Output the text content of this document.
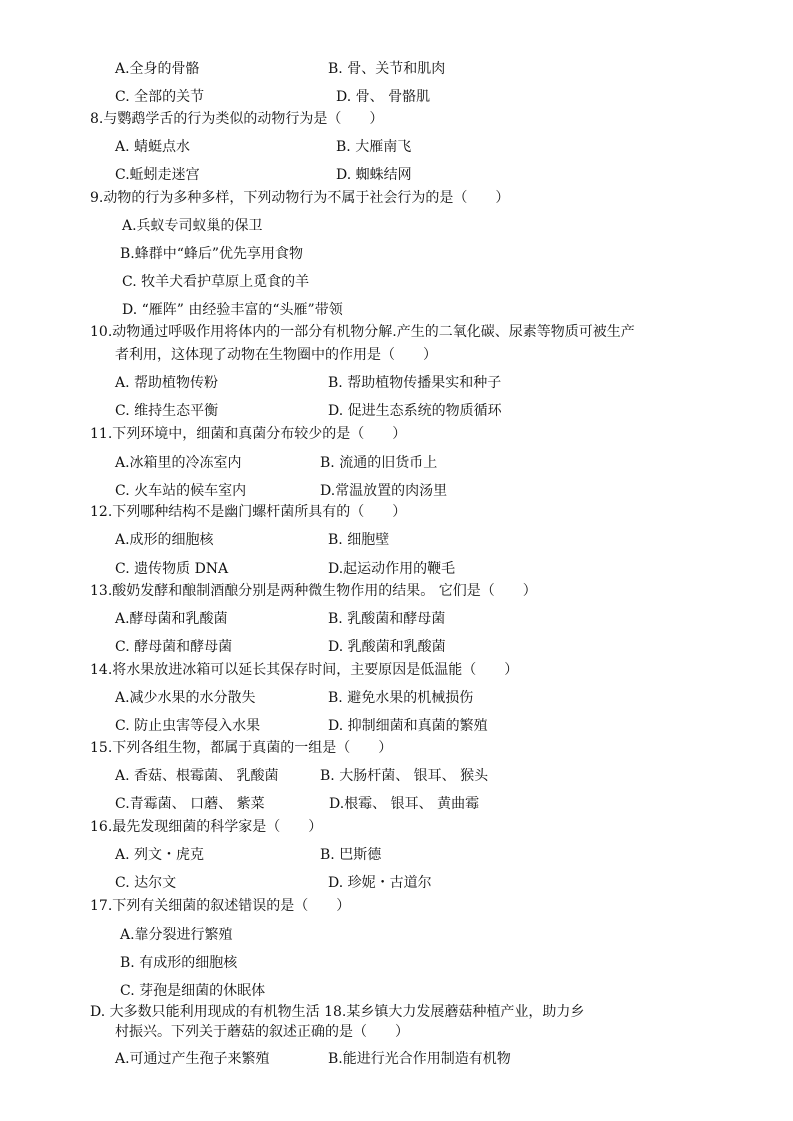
A.全身的骨骼	B. 骨、关节和肌肉
C. 全部的关节	D. 骨、 骨骼肌
8.与鹦鹉学舌的行为类似的动物行为是（　　）
A. 蜻蜓点水	B. 大雁南飞
C.蚯蚓走迷宫	D. 蜘蛛结网
9.动物的行为多种多样，下列动物行为不属于社会行为的是（　　）
A.兵蚁专司蚁巢的保卫
B.蜂群中“蜂后”优先享用食物
C. 牧羊犬看护草原上觅食的羊
D. “雁阵” 由经验丰富的“头雁”带领
10.动物通过呼吸作用将体内的一部分有机物分解.产生的二氧化碳、尿素等物质可被生产
者利用，这体现了动物在生物圈中的作用是（　　）
A. 帮助植物传粉	B. 帮助植物传播果实和种子
C. 维持生态平衡	D. 促进生态系统的物质循环
11.下列环境中，细菌和真菌分布较少的是（　　）
A.冰箱里的冷冻室内	B. 流通的旧货币上
C. 火车站的候车室内	D.常温放置的肉汤里
12.下列哪种结构不是幽门螺杆菌所具有的（　　）
A.成形的细胞核	B. 细胞壁
C. 遗传物质 DNA	D.起运动作用的鞭毛
13.酸奶发酵和酿制酒酿分别是两种微生物作用的结果。 它们是（　　）
A.酵母菌和乳酸菌	B. 乳酸菌和酵母菌
C. 酵母菌和酵母菌	D. 乳酸菌和乳酸菌
14.将水果放进冰箱可以延长其保存时间，主要原因是低温能（　　）
A.减少水果的水分散失	B. 避免水果的机械损伤
C. 防止虫害等侵入水果	D. 抑制细菌和真菌的繁殖
15.下列各组生物，都属于真菌的一组是（　　）
A. 香菇、根霉菌、 乳酸菌	B. 大肠杆菌、 银耳、 猴头
C.青霉菌、 口蘑、 紫菜	D.根霉、 银耳、 黄曲霉
16.最先发现细菌的科学家是（　　）
A. 列文・虎克	B. 巴斯德
C. 达尔文	D. 珍妮・古道尔
17.下列有关细菌的叙述错误的是（　　）
A.靠分裂进行繁殖
B. 有成形的细胞核
C. 芽孢是细菌的休眠体
D. 大多数只能利用现成的有机物生活 18.某乡镇大力发展蘑菇种植产业，助力乡
村振兴。下列关于蘑菇的叙述正确的是（　　）
A.可通过产生孢子来繁殖	B.能进行光合作用制造有机物
